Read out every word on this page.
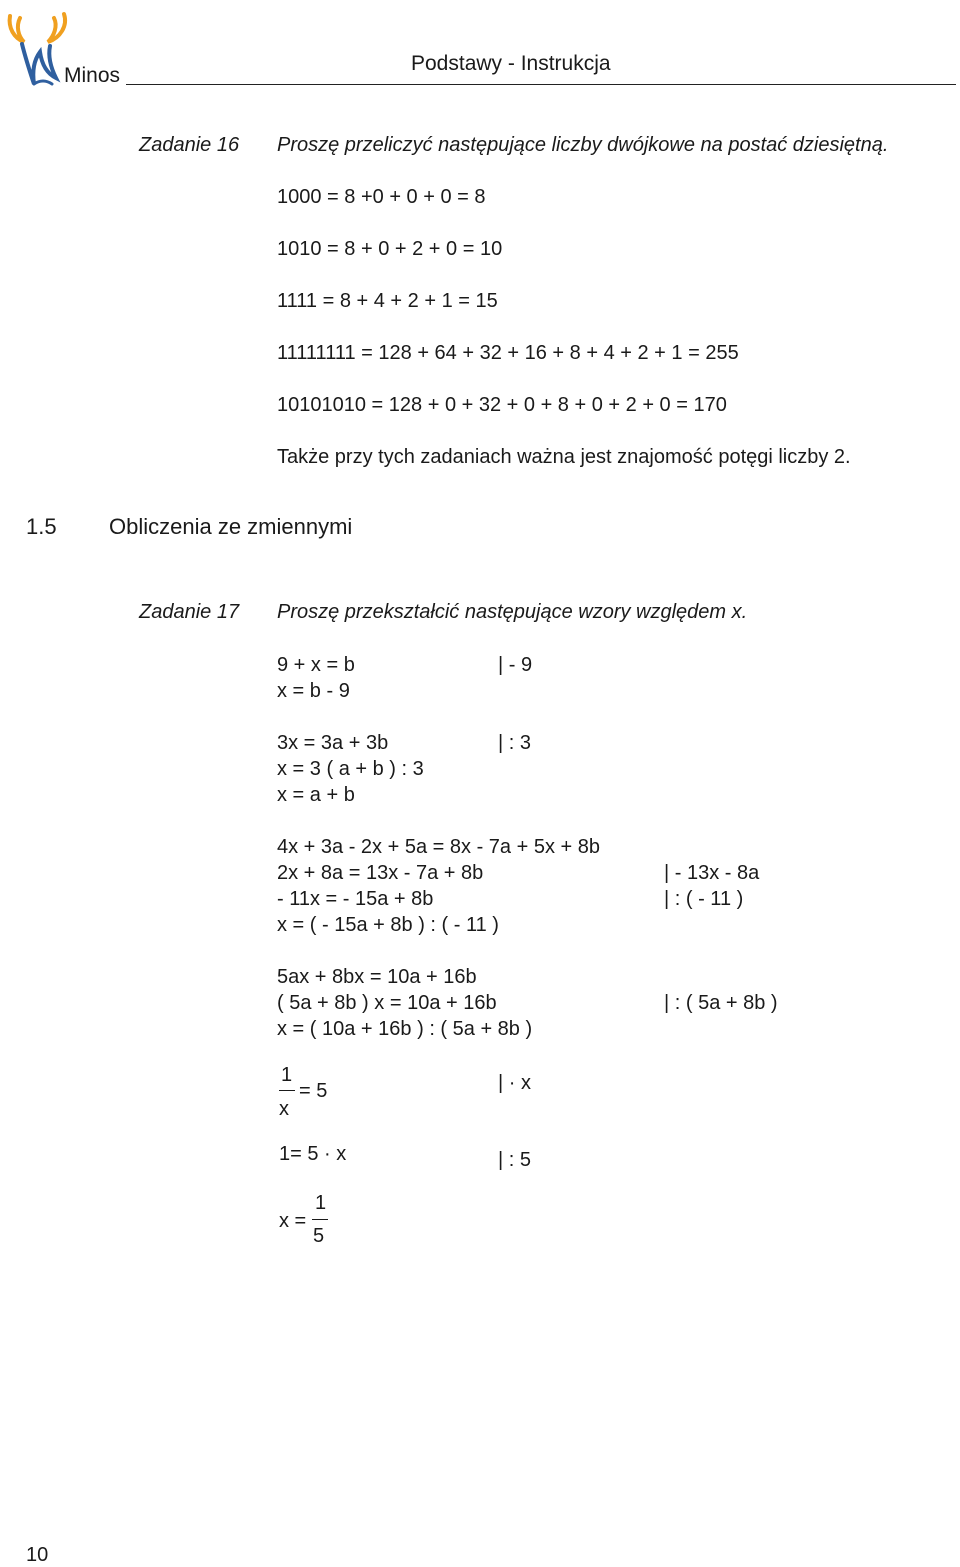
Minos
Podstawy - Instrukcja
Zadanie 16 Proszę przeliczyć następujące liczby dwójkowe na postać dziesiętną.
1000 = 8 +0 + 0 + 0 = 8
1010 = 8 + 0 + 2 + 0 = 10
1111 = 8 + 4 + 2 + 1 = 15
11111111 = 128 + 64 + 32 + 16 + 8 + 4 + 2 + 1 = 255
10101010 = 128 + 0 + 32 + 0 + 8 + 0 + 2 + 0 = 170
Także przy tych zadaniach ważna jest znajomość potęgi liczby 2.
1.5 Obliczenia ze zmiennymi
Zadanie 17 Proszę przekształcić następujące wzory względem x.
9 + x = b	| - 9
x = b - 9
3x = 3a + 3b	| : 3
x = 3 ( a + b ) : 3
x = a + b
4x + 3a - 2x + 5a = 8x - 7a + 5x + 8b
2x + 8a = 13x - 7a + 8b	| - 13x - 8a
- 11x = - 15a + 8b	| : ( - 11 )
x = ( - 15a + 8b ) : ( - 11 )
5ax + 8bx = 10a + 16b
( 5a + 8b ) x = 10a + 16b	| : ( 5a + 8b )
x = ( 10a + 16b ) : ( 5a + 8b )
1
x
= 5	| · x
1= 5 · x	| : 5
x =
1
5
10
